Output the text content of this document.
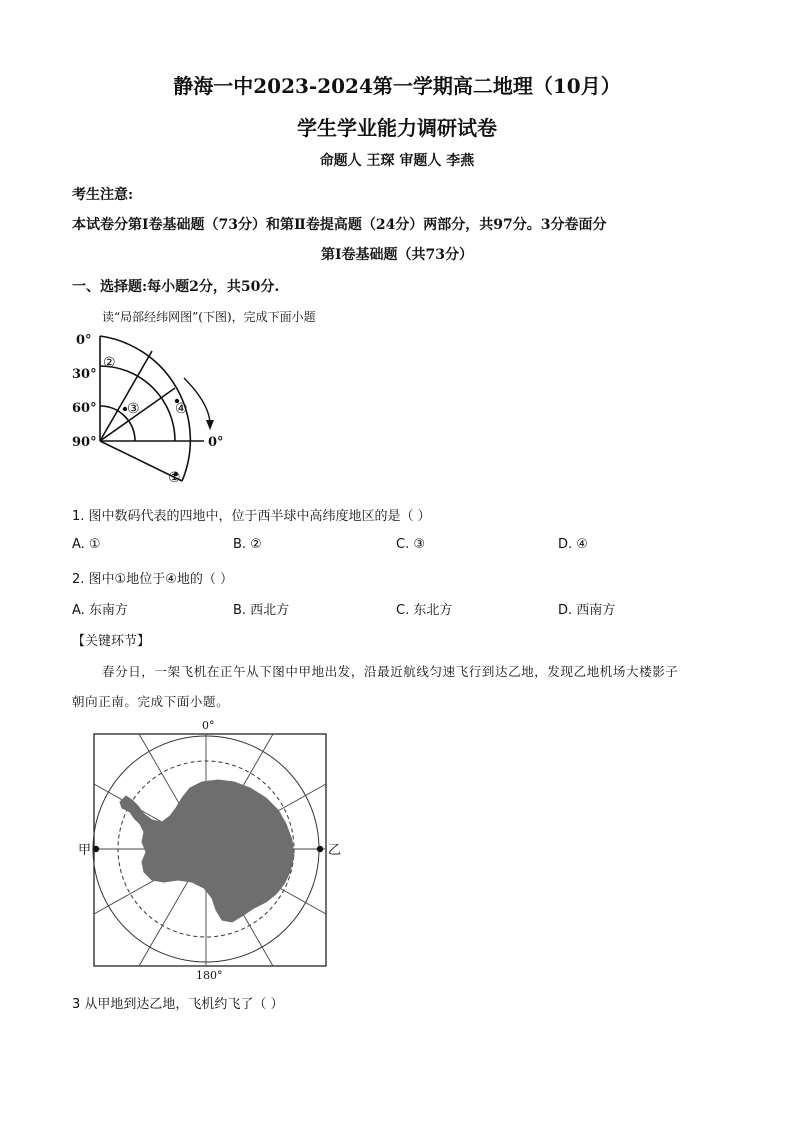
静海一中2023-2024第一学期高二地理（10月）
学生学业能力调研试卷
命题人 王琛 审题人 李燕
考生注意:
本试卷分第Ⅰ卷基础题（73分）和第Ⅱ卷提高题（24分）两部分，共97分。3分卷面分
第Ⅰ卷基础题（共73分）
一、选择题:每小题2分，共50分.
读“局部经纬网图”(下图)，完成下面小题
0°
30°
60°
90°	0°
①
②
③	④
1. 图中数码代表的四地中，位于西半球中高纬度地区的是（ ）
A. ①	B. ②	C. ③	D. ④
2. 图中①地位于④地的（ ）
A. 东南方	B. 西北方	C. 东北方	D. 西南方
【关键环节】
春分日，一架飞机在正午从下图中甲地出发，沿最近航线匀速飞行到达乙地，发现乙地机场大楼影子
朝向正南。完成下面小题。
0°
180°
甲	乙
3 从甲地到达乙地，飞机约飞了（ ）
